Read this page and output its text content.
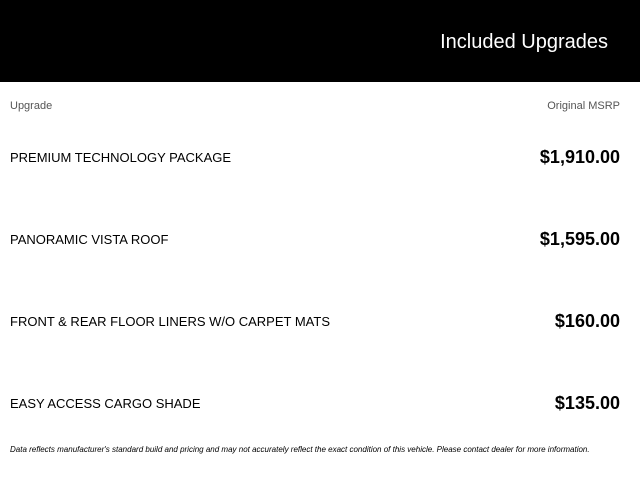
Included Upgrades
Upgrade	Original MSRP
PREMIUM TECHNOLOGY PACKAGE	$1,910.00
PANORAMIC VISTA ROOF	$1,595.00
FRONT & REAR FLOOR LINERS W/O CARPET MATS	$160.00
EASY ACCESS CARGO SHADE	$135.00
Data reflects manufacturer's standard build and pricing and may not accurately reflect the exact condition of this vehicle. Please contact dealer for more information.
